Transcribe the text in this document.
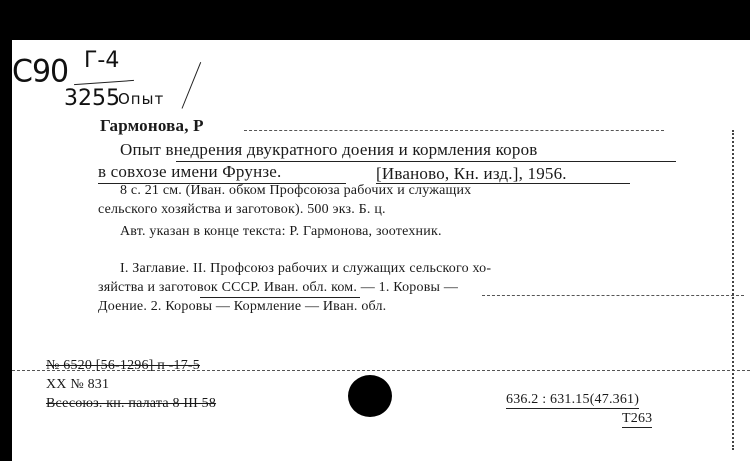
С90 Г-4
3255
Опыт
Гармонова, Р
Опыт внедрения двукратного доения и кормления коров
в совхозе имени Фрунзе.	[Иваново, Кн. изд.], 1956.
8 с. 21 см. (Иван. обком Профсоюза рабочих и служащих
сельского хозяйства и заготовок). 500 экз. Б. ц.
Авт. указан в конце текста: Р. Гармонова, зоотехник.
I. Заглавие. II. Профсоюз рабочих и служащих сельского хо-
зяйства и заготовок СССР. Иван. обл. ком. — 1. Коровы —
Доение. 2. Коровы — Кормление — Иван. обл.
№ 6520 [56-1296] п -17-5
XX № 831
Всесоюз. кн. палата 8 III 58	636.2 : 631.15(47.361)
Т263
